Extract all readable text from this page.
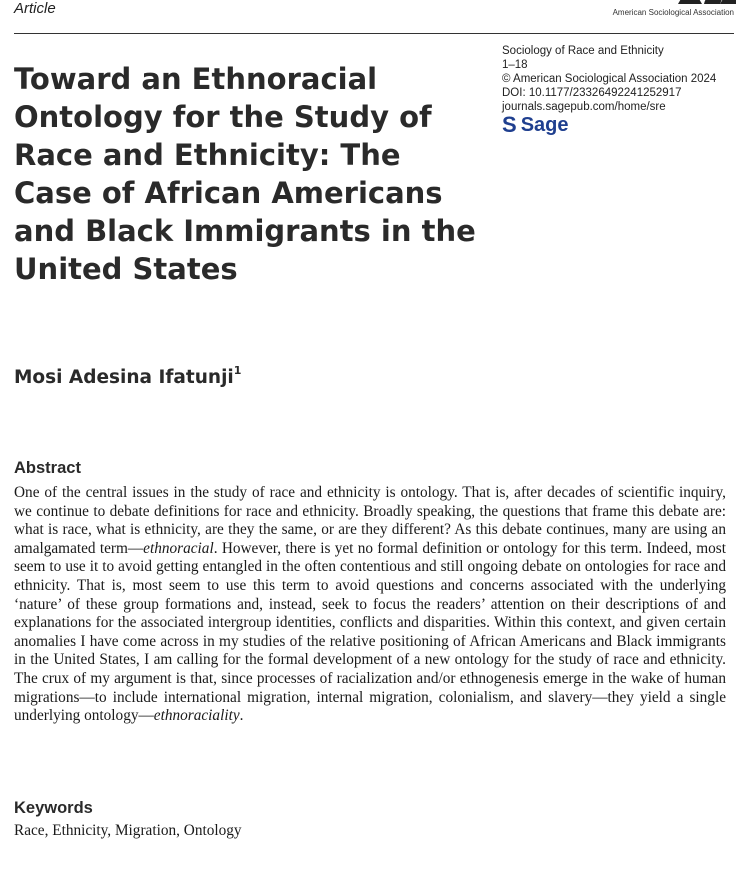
Article	American Sociological Association
Toward an Ethnoracial Ontology for the Study of Race and Ethnicity: The Case of African Americans and Black Immigrants in the United States
Sociology of Race and Ethnicity
1–18
© American Sociological Association 2024
DOI: 10.1177/23326492241252917
journals.sagepub.com/home/sre
S Sage
Mosi Adesina Ifatunji$^1$
Abstract

One of the central issues in the study of race and ethnicity is ontology. That is, after decades of scientific inquiry, we continue to debate definitions for race and ethnicity. Broadly speaking, the questions that frame this debate are: what is race, what is ethnicity, are they the same, or are they different? As this debate continues, many are using an amalgamated term—ethnoracial. However, there is yet no formal definition or ontology for this term. Indeed, most seem to use it to avoid getting entangled in the often contentious and still ongoing debate on ontologies for race and ethnicity. That is, most seem to use this term to avoid questions and concerns associated with the underlying ‘nature’ of these group formations and, instead, seek to focus the readers’ attention on their descriptions of and explanations for the associated intergroup identities, conflicts and disparities. Within this context, and given certain anomalies I have come across in my studies of the relative positioning of African Americans and Black immigrants in the United States, I am calling for the formal development of a new ontology for the study of race and ethnicity. The crux of my argument is that, since processes of racialization and/or ethnogenesis emerge in the wake of human migrations—to include international migration, internal migration, colonialism, and slavery—they yield a single underlying ontology—ethnoraciality.

Keywords
Race, Ethnicity, Migration, Ontology
